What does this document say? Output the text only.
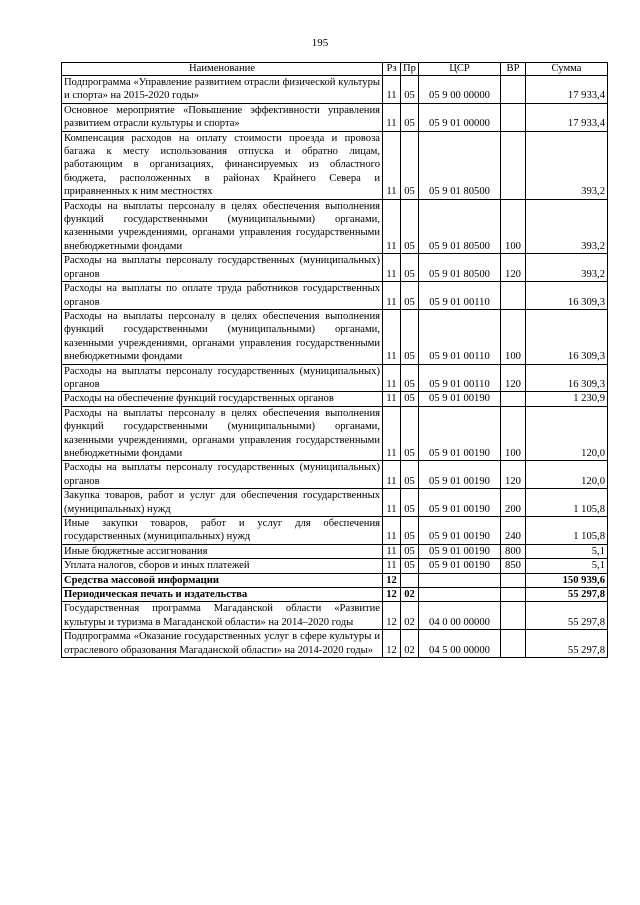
195
Наименование	Рз	Пр	ЦСР	ВР	Сумма
Подпрограмма «Управление развитием отрасли физической культуры и спорта» на 2015-2020 годы»	11	05	05 9 00 00000		17 933,4
Основное мероприятие «Повышение эффективности управления развитием отрасли культуры и спорта»	11	05	05 9 01 00000		17 933,4
Компенсация расходов на оплату стоимости проезда и провоза багажа к месту использования отпуска и обратно лицам, работающим в организациях, финансируемых из областного бюджета, расположенных в районах Крайнего Севера и приравненных к ним местностях	11	05	05 9 01 80500		393,2
Расходы на выплаты персоналу в целях обеспечения выполнения функций государственными (муниципальными) органами, казенными учреждениями, органами управления государственными внебюджетными фондами	11	05	05 9 01 80500	100	393,2
Расходы на выплаты персоналу государственных (муниципальных) органов	11	05	05 9 01 80500	120	393,2
Расходы на выплаты по оплате труда работников государственных органов	11	05	05 9 01 00110		16 309,3
Расходы на выплаты персоналу в целях обеспечения выполнения функций государственными (муниципальными) органами, казенными учреждениями, органами управления государственными внебюджетными фондами	11	05	05 9 01 00110	100	16 309,3
Расходы на выплаты персоналу государственных (муниципальных) органов	11	05	05 9 01 00110	120	16 309,3
Расходы на обеспечение функций государственных органов	11	05	05 9 01 00190		1 230,9
Расходы на выплаты персоналу в целях обеспечения выполнения функций государственными (муниципальными) органами, казенными учреждениями, органами управления государственными внебюджетными фондами	11	05	05 9 01 00190	100	120,0
Расходы на выплаты персоналу государственных (муниципальных) органов	11	05	05 9 01 00190	120	120,0
Закупка товаров, работ и услуг для обеспечения государственных (муниципальных) нужд	11	05	05 9 01 00190	200	1 105,8
Иные закупки товаров, работ и услуг для обеспечения государственных (муниципальных) нужд	11	05	05 9 01 00190	240	1 105,8
Иные бюджетные ассигнования	11	05	05 9 01 00190	800	5,1
Уплата налогов, сборов и иных платежей	11	05	05 9 01 00190	850	5,1
Средства массовой информации	12				150 939,6
Периодическая печать и издательства	12	02			55 297,8
Государственная программа Магаданской области «Развитие культуры и туризма в Магаданской области» на 2014–2020 годы	12	02	04 0 00 00000		55 297,8
Подпрограмма «Оказание государственных услуг в сфере культуры и отраслевого образования Магаданской области» на 2014-2020 годы»	12	02	04 5 00 00000		55 297,8
